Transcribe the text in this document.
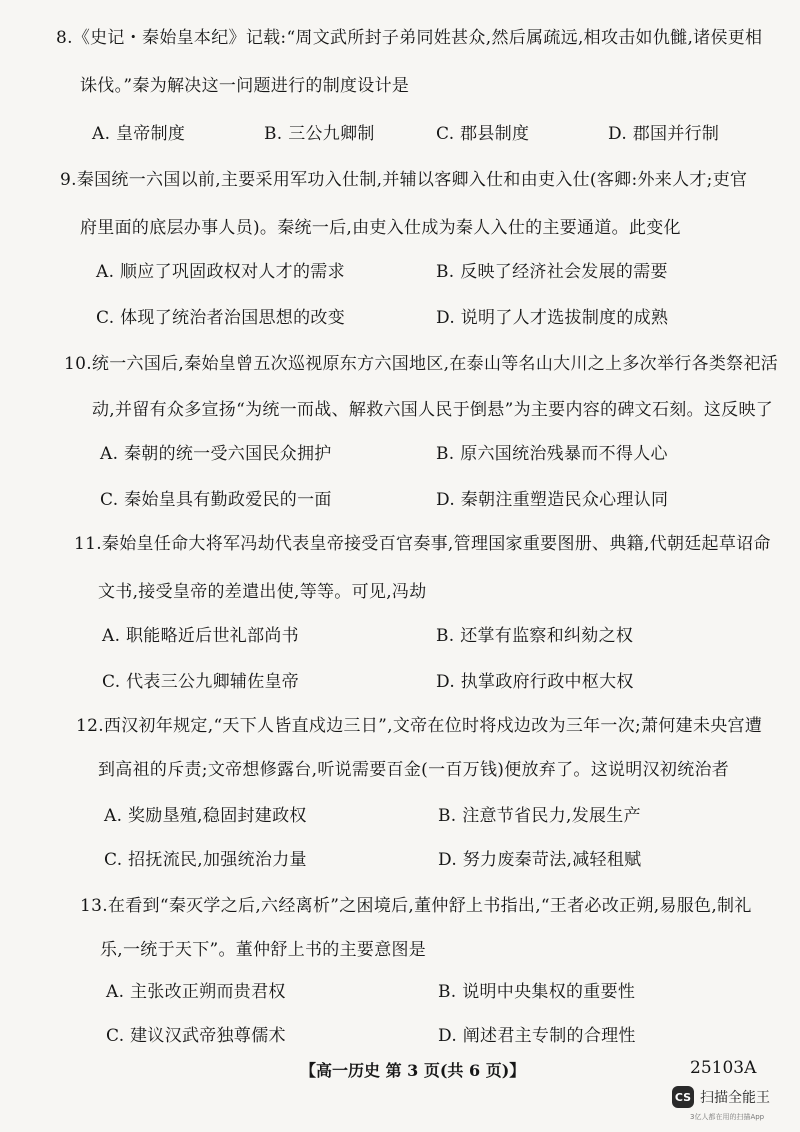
8.《史记・秦始皇本纪》记载:“周文武所封子弟同姓甚众,然后属疏远,相攻击如仇雠,诸侯更相
诛伐。”秦为解决这一问题进行的制度设计是
A. 皇帝制度	B. 三公九卿制	C. 郡县制度	D. 郡国并行制
9.秦国统一六国以前,主要采用军功入仕制,并辅以客卿入仕和由吏入仕(客卿:外来人才;吏官
府里面的底层办事人员)。秦统一后,由吏入仕成为秦人入仕的主要通道。此变化
A. 顺应了巩固政权对人才的需求	B. 反映了经济社会发展的需要
C. 体现了统治者治国思想的改变	D. 说明了人才选拔制度的成熟
10.统一六国后,秦始皇曾五次巡视原东方六国地区,在泰山等名山大川之上多次举行各类祭祀活
动,并留有众多宣扬“为统一而战、解救六国人民于倒悬”为主要内容的碑文石刻。这反映了
A. 秦朝的统一受六国民众拥护	B. 原六国统治残暴而不得人心
C. 秦始皇具有勤政爱民的一面	D. 秦朝注重塑造民众心理认同
11.秦始皇任命大将军冯劫代表皇帝接受百官奏事,管理国家重要图册、典籍,代朝廷起草诏命
文书,接受皇帝的差遣出使,等等。可见,冯劫
A. 职能略近后世礼部尚书	B. 还掌有监察和纠劾之权
C. 代表三公九卿辅佐皇帝	D. 执掌政府行政中枢大权
12.西汉初年规定,“天下人皆直戍边三日”,文帝在位时将戍边改为三年一次;萧何建未央宫遭
到高祖的斥责;文帝想修露台,听说需要百金(一百万钱)便放弃了。这说明汉初统治者
A. 奖励垦殖,稳固封建政权	B. 注意节省民力,发展生产
C. 招抚流民,加强统治力量	D. 努力废秦苛法,减轻租赋
13.在看到“秦灭学之后,六经离析”之困境后,董仲舒上书指出,“王者必改正朔,易服色,制礼
乐,一统于天下”。董仲舒上书的主要意图是
A. 主张改正朔而贵君权	B. 说明中央集权的重要性
C. 建议汉武帝独尊儒术	D. 阐述君主专制的合理性
【高一历史 第 3 页(共 6 页)】	25103A
CS 扫描全能王
3亿人都在用的扫描App
